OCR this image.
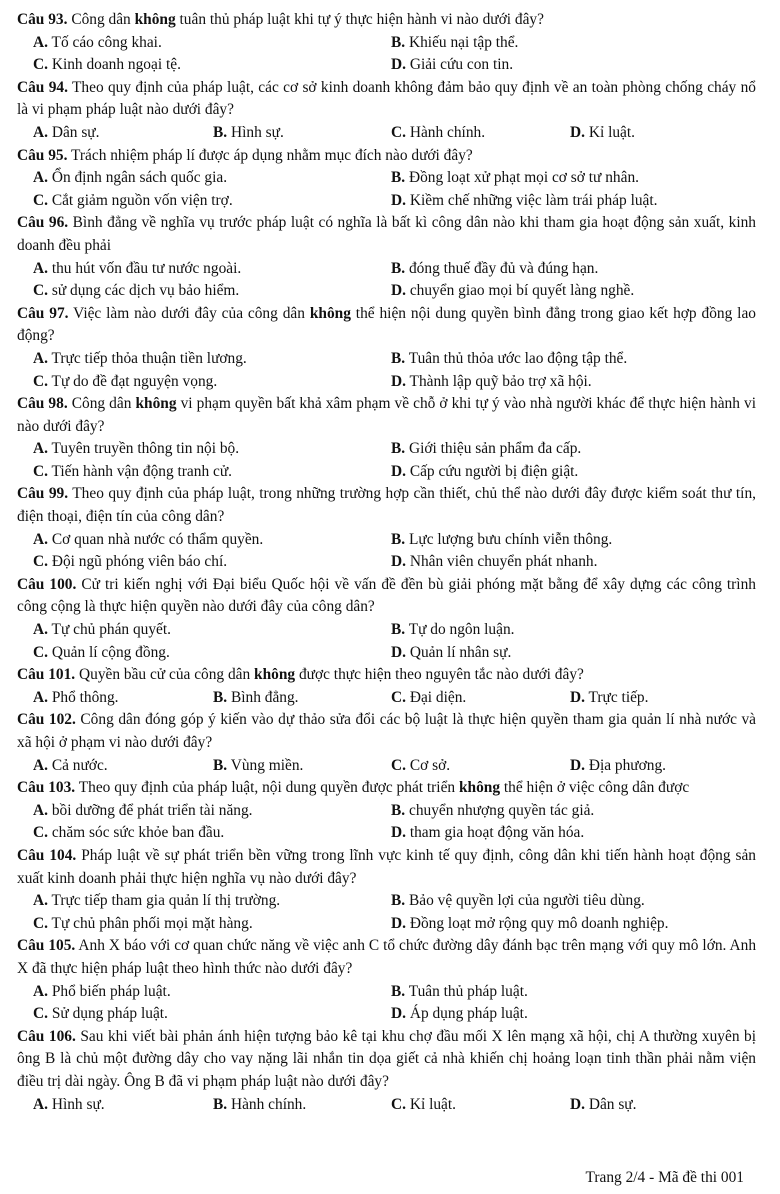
Câu 93. Công dân không tuân thủ pháp luật khi tự ý thực hiện hành vi nào dưới đây?
A. Tố cáo công khai.	B. Khiếu nại tập thể.
C. Kinh doanh ngoại tệ.	D. Giải cứu con tin.
Câu 94. Theo quy định của pháp luật, các cơ sở kinh doanh không đảm bảo quy định về an toàn phòng chống cháy nổ là vi phạm pháp luật nào dưới đây?
A. Dân sự.	B. Hình sự.	C. Hành chính.	D. Kỉ luật.
Câu 95. Trách nhiệm pháp lí được áp dụng nhằm mục đích nào dưới đây?
A. Ổn định ngân sách quốc gia.	B. Đồng loạt xử phạt mọi cơ sở tư nhân.
C. Cắt giảm nguồn vốn viện trợ.	D. Kiềm chế những việc làm trái pháp luật.
Câu 96. Bình đẳng về nghĩa vụ trước pháp luật có nghĩa là bất kì công dân nào khi tham gia hoạt động sản xuất, kinh doanh đều phải
A. thu hút vốn đầu tư nước ngoài.	B. đóng thuế đầy đủ và đúng hạn.
C. sử dụng các dịch vụ bảo hiểm.	D. chuyển giao mọi bí quyết làng nghề.
Câu 97. Việc làm nào dưới đây của công dân không thể hiện nội dung quyền bình đẳng trong giao kết hợp đồng lao động?
A. Trực tiếp thỏa thuận tiền lương.	B. Tuân thủ thỏa ước lao động tập thể.
C. Tự do đề đạt nguyện vọng.	D. Thành lập quỹ bảo trợ xã hội.
Câu 98. Công dân không vi phạm quyền bất khả xâm phạm về chỗ ở khi tự ý vào nhà người khác để thực hiện hành vi nào dưới đây?
A. Tuyên truyền thông tin nội bộ.	B. Giới thiệu sản phẩm đa cấp.
C. Tiến hành vận động tranh cử.	D. Cấp cứu người bị điện giật.
Câu 99. Theo quy định của pháp luật, trong những trường hợp cần thiết, chủ thể nào dưới đây được kiểm soát thư tín, điện thoại, điện tín của công dân?
A. Cơ quan nhà nước có thẩm quyền.	B. Lực lượng bưu chính viễn thông.
C. Đội ngũ phóng viên báo chí.	D. Nhân viên chuyển phát nhanh.
Câu 100. Cử tri kiến nghị với Đại biểu Quốc hội về vấn đề đền bù giải phóng mặt bằng để xây dựng các công trình công cộng là thực hiện quyền nào dưới đây của công dân?
A. Tự chủ phán quyết.	B. Tự do ngôn luận.
C. Quản lí cộng đồng.	D. Quản lí nhân sự.
Câu 101. Quyền bầu cử của công dân không được thực hiện theo nguyên tắc nào dưới đây?
A. Phổ thông.	B. Bình đẳng.	C. Đại diện.	D. Trực tiếp.
Câu 102. Công dân đóng góp ý kiến vào dự thảo sửa đổi các bộ luật là thực hiện quyền tham gia quản lí nhà nước và xã hội ở phạm vi nào dưới đây?
A. Cả nước.	B. Vùng miền.	C. Cơ sở.	D. Địa phương.
Câu 103. Theo quy định của pháp luật, nội dung quyền được phát triển không thể hiện ở việc công dân được
A. bồi dưỡng để phát triển tài năng.	B. chuyển nhượng quyền tác giả.
C. chăm sóc sức khỏe ban đầu.	D. tham gia hoạt động văn hóa.
Câu 104. Pháp luật về sự phát triển bền vững trong lĩnh vực kinh tế quy định, công dân khi tiến hành hoạt động sản xuất kinh doanh phải thực hiện nghĩa vụ nào dưới đây?
A. Trực tiếp tham gia quản lí thị trường.	B. Bảo vệ quyền lợi của người tiêu dùng.
C. Tự chủ phân phối mọi mặt hàng.	D. Đồng loạt mở rộng quy mô doanh nghiệp.
Câu 105. Anh X báo với cơ quan chức năng về việc anh C tổ chức đường dây đánh bạc trên mạng với quy mô lớn. Anh X đã thực hiện pháp luật theo hình thức nào dưới đây?
A. Phổ biến pháp luật.	B. Tuân thủ pháp luật.
C. Sử dụng pháp luật.	D. Áp dụng pháp luật.
Câu 106. Sau khi viết bài phản ánh hiện tượng bảo kê tại khu chợ đầu mối X lên mạng xã hội, chị A thường xuyên bị ông B là chủ một đường dây cho vay nặng lãi nhắn tin dọa giết cả nhà khiến chị hoảng loạn tinh thần phải nằm viện điều trị dài ngày. Ông B đã vi phạm pháp luật nào dưới đây?
A. Hình sự.	B. Hành chính.	C. Kỉ luật.	D. Dân sự.
Trang 2/4 - Mã đề thi 001
